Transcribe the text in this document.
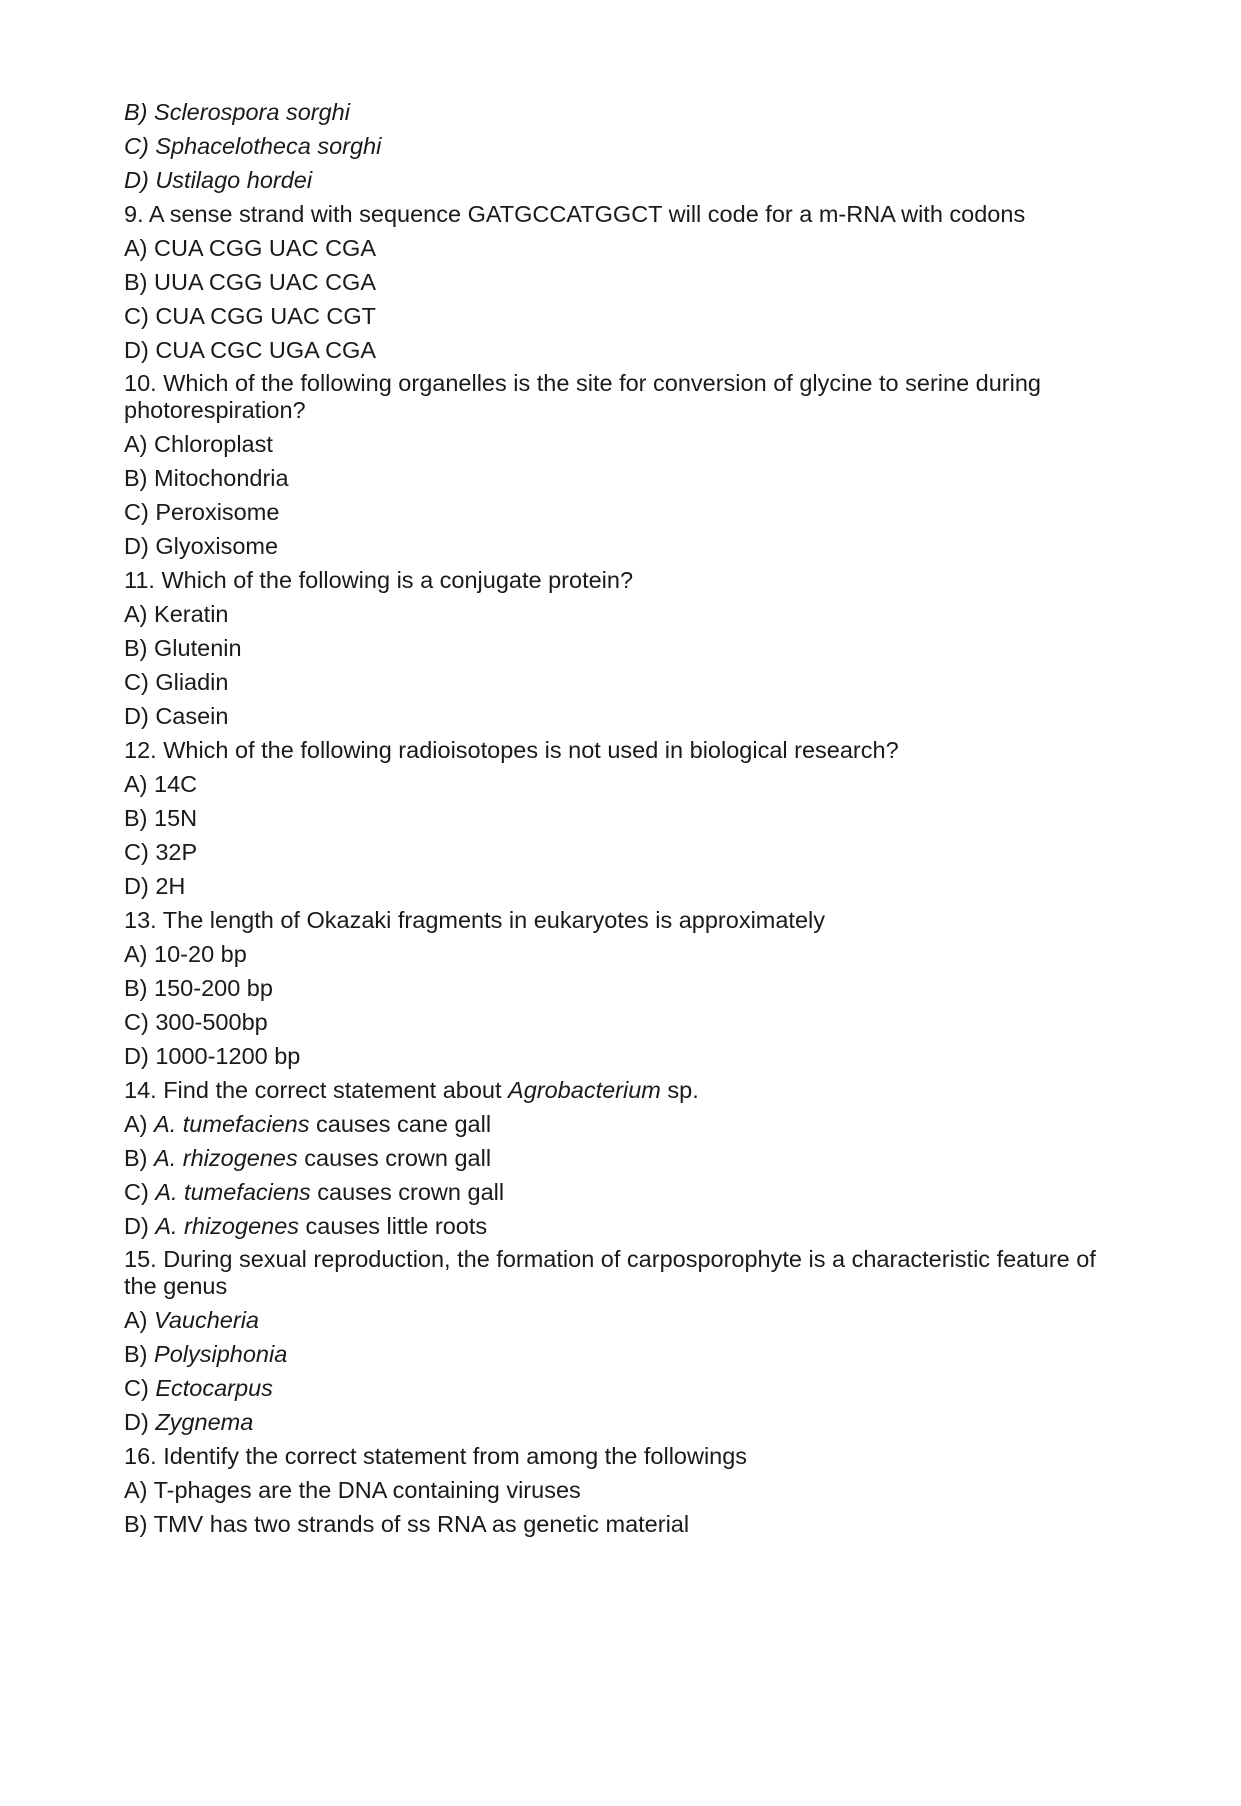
B) Sclerospora sorghi
C) Sphacelotheca sorghi
D) Ustilago hordei
9. A sense strand with sequence GATGCCATGGCT will code for a m-RNA with codons
A) CUA CGG UAC CGA
B) UUA CGG UAC CGA
C) CUA CGG UAC CGT
D) CUA CGC UGA CGA
10. Which of the following organelles is the site for conversion of glycine to serine during photorespiration?
A) Chloroplast
B) Mitochondria
C) Peroxisome
D) Glyoxisome
11. Which of the following is a conjugate protein?
A) Keratin
B) Glutenin
C) Gliadin
D) Casein
12. Which of the following radioisotopes is not used in biological research?
A) 14C
B) 15N
C) 32P
D) 2H
13. The length of Okazaki fragments in eukaryotes is approximately
A) 10-20 bp
B) 150-200 bp
C) 300-500bp
D) 1000-1200 bp
14. Find the correct statement about Agrobacterium sp.
A) A. tumefaciens causes cane gall
B) A. rhizogenes causes crown gall
C) A. tumefaciens causes crown gall
D) A. rhizogenes causes little roots
15. During sexual reproduction, the formation of carposporophyte is a characteristic feature of the genus
A) Vaucheria
B) Polysiphonia
C) Ectocarpus
D) Zygnema
16. Identify the correct statement from among the followings
A) T-phages are the DNA containing viruses
B) TMV has two strands of ss RNA as genetic material
